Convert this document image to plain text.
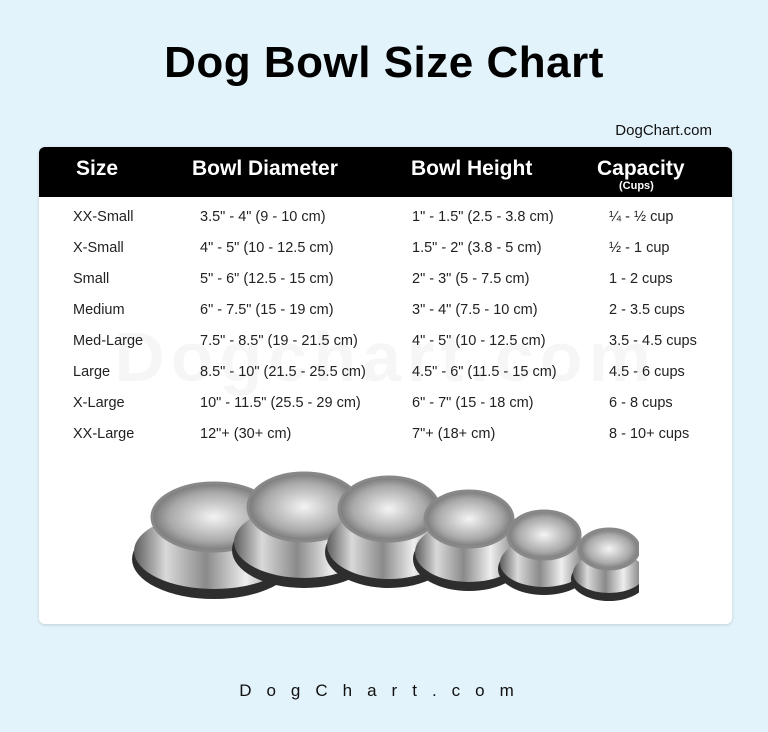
Dog Bowl Size Chart
DogChart.com
Size	Bowl Diameter	Bowl Height	Capacity
(Cups)
XX-Small	3.5" - 4" (9 - 10 cm)	1" - 1.5" (2.5 - 3.8 cm)	¼ - ½ cup
X-Small	4" - 5" (10 - 12.5 cm)	1.5" - 2" (3.8 - 5 cm)	½ - 1 cup
Small	5" - 6" (12.5 - 15 cm)	2" - 3" (5 - 7.5 cm)	1 - 2 cups
Medium	6" - 7.5" (15 - 19 cm)	3" - 4" (7.5 - 10 cm)	2 - 3.5 cups
Med-Large	7.5" - 8.5" (19 - 21.5 cm)	4" - 5" (10 - 12.5 cm)	3.5 - 4.5 cups
Large	8.5" - 10" (21.5 - 25.5 cm)	4.5" - 6" (11.5 - 15 cm)	4.5 - 6 cups
X-Large	10" - 11.5" (25.5 - 29 cm)	6" - 7" (15 - 18 cm)	6 - 8 cups
XX-Large	12"+ (30+ cm)	7"+ (18+ cm)	8 - 10+ cups
DogChart.com
